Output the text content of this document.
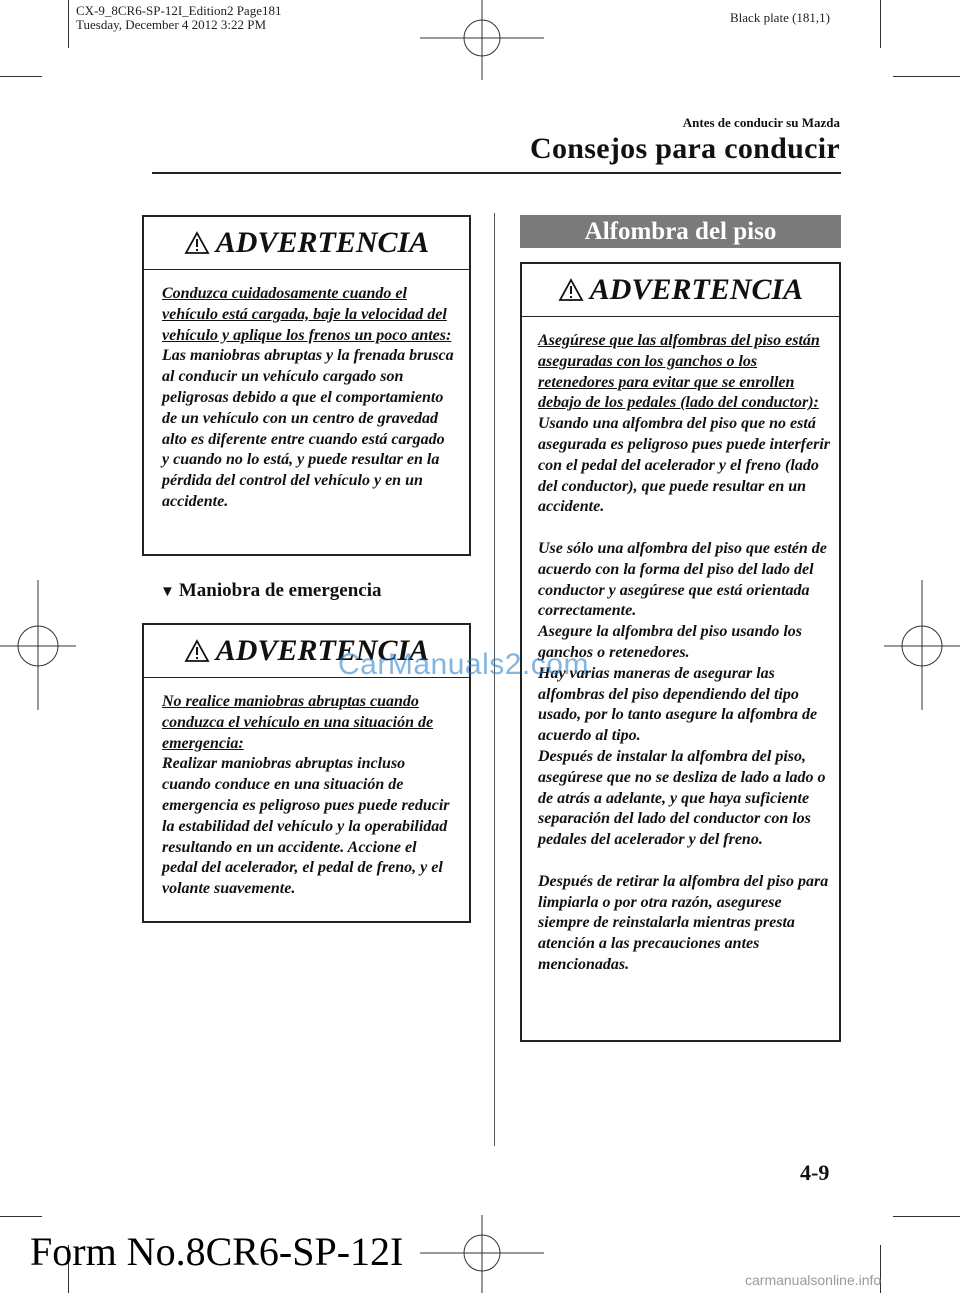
CX-9_8CR6-SP-12I_Edition2 Page181
Tuesday, December 4 2012 3:22 PM	Black plate (181,1)
Antes de conducir su Mazda
Consejos para conducir
ADVERTENCIA
Conduzca cuidadosamente cuando el vehículo está cargada, baje la velocidad del vehículo y aplique los frenos un poco antes:
Las maniobras abruptas y la frenada brusca al conducir un vehículo cargado son peligrosas debido a que el comportamiento de un vehículo con un centro de gravedad alto es diferente entre cuando está cargado y cuando no lo está, y puede resultar en la pérdida del control del vehículo y en un accidente.
▼ Maniobra de emergencia
ADVERTENCIA
No realice maniobras abruptas cuando conduzca el vehículo en una situación de emergencia:
Realizar maniobras abruptas incluso cuando conduce en una situación de emergencia es peligroso pues puede reducir la estabilidad del vehículo y la operabilidad resultando en un accidente. Accione el pedal del acelerador, el pedal de freno, y el volante suavemente.
Alfombra del piso
ADVERTENCIA
Asegúrese que las alfombras del piso están aseguradas con los ganchos o los retenedores para evitar que se enrollen debajo de los pedales (lado del conductor):
Usando una alfombra del piso que no está asegurada es peligroso pues puede interferir con el pedal del acelerador y el freno (lado del conductor), que puede resultar en un accidente.
Use sólo una alfombra del piso que estén de acuerdo con la forma del piso del lado del conductor y asegúrese que está orientada correctamente.
Asegure la alfombra del piso usando los ganchos o retenedores.
Hay varias maneras de asegurar las alfombras del piso dependiendo del tipo usado, por lo tanto asegure la alfombra de acuerdo al tipo.
Después de instalar la alfombra del piso, asegúrese que no se desliza de lado a lado o de atrás a adelante, y que haya suficiente separación del lado del conductor con los pedales del acelerador y del freno.
Después de retirar la alfombra del piso para limpiarla o por otra razón, asegurese siempre de reinstalarla mientras presta atención a las precauciones antes mencionadas.
4-9
Form No.8CR6-SP-12I
CarManuals2.com
carmanualsonline.info
